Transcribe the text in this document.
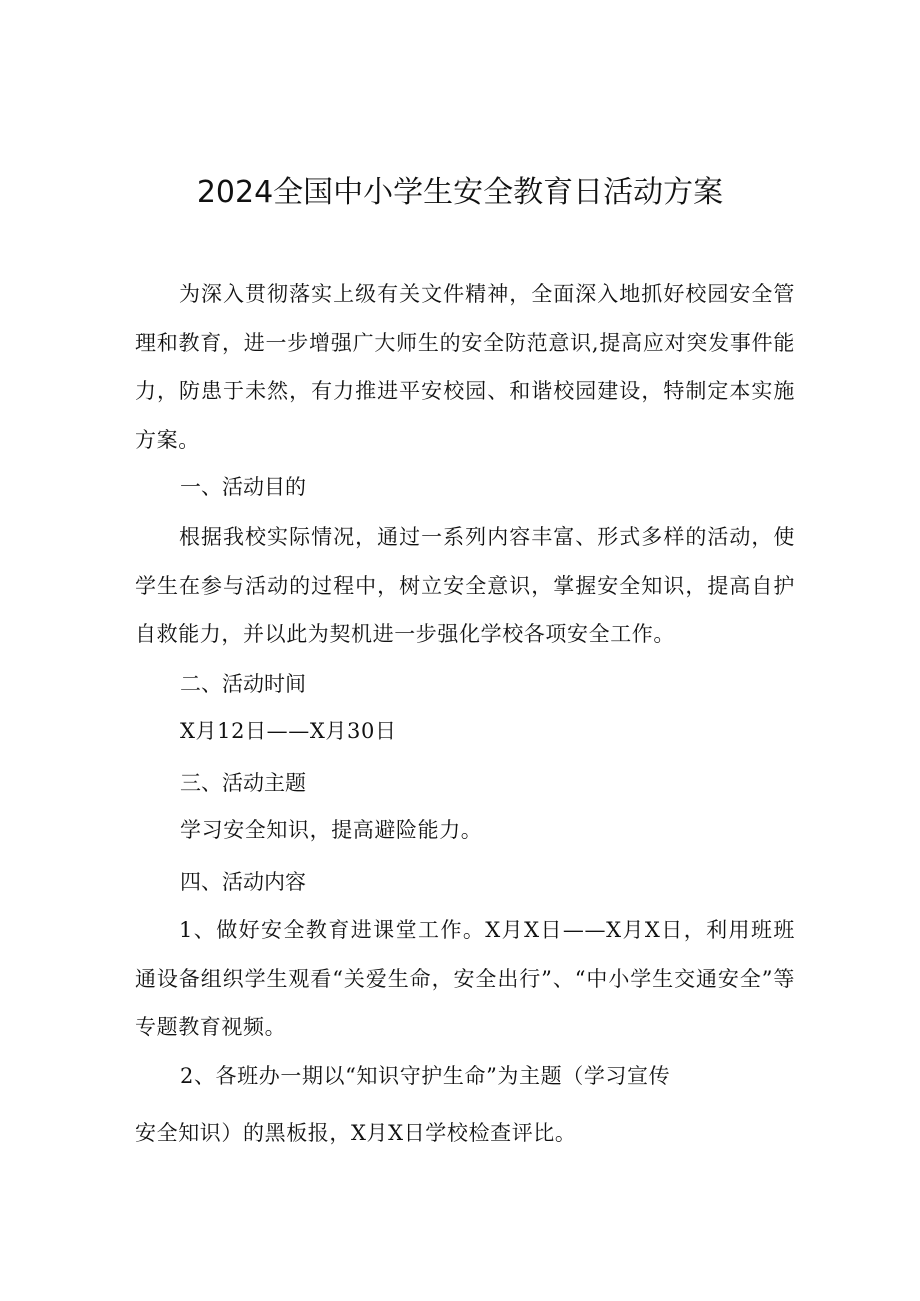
2024全国中小学生安全教育日活动方案
为深入贯彻落实上级有关文件精神，全面深入地抓好校园安全管理和教育，进一步增强广大师生的安全防范意识,提高应对突发事件能力，防患于未然，有力推进平安校园、和谐校园建设，特制定本实施方案。
一、活动目的
根据我校实际情况，通过一系列内容丰富、形式多样的活动，使学生在参与活动的过程中，树立安全意识，掌握安全知识，提高自护自救能力，并以此为契机进一步强化学校各项安全工作。
二、活动时间
X月12日——X月30日
三、活动主题
学习安全知识，提高避险能力。
四、活动内容
1、做好安全教育进课堂工作。X月X日——X月X日，利用班班通设备组织学生观看“关爱生命，安全出行”、“中小学生交通安全”等专题教育视频。
2、各班办一期以“知识守护生命”为主题（学习宣传
安全知识）的黑板报，X月X日学校检查评比。
